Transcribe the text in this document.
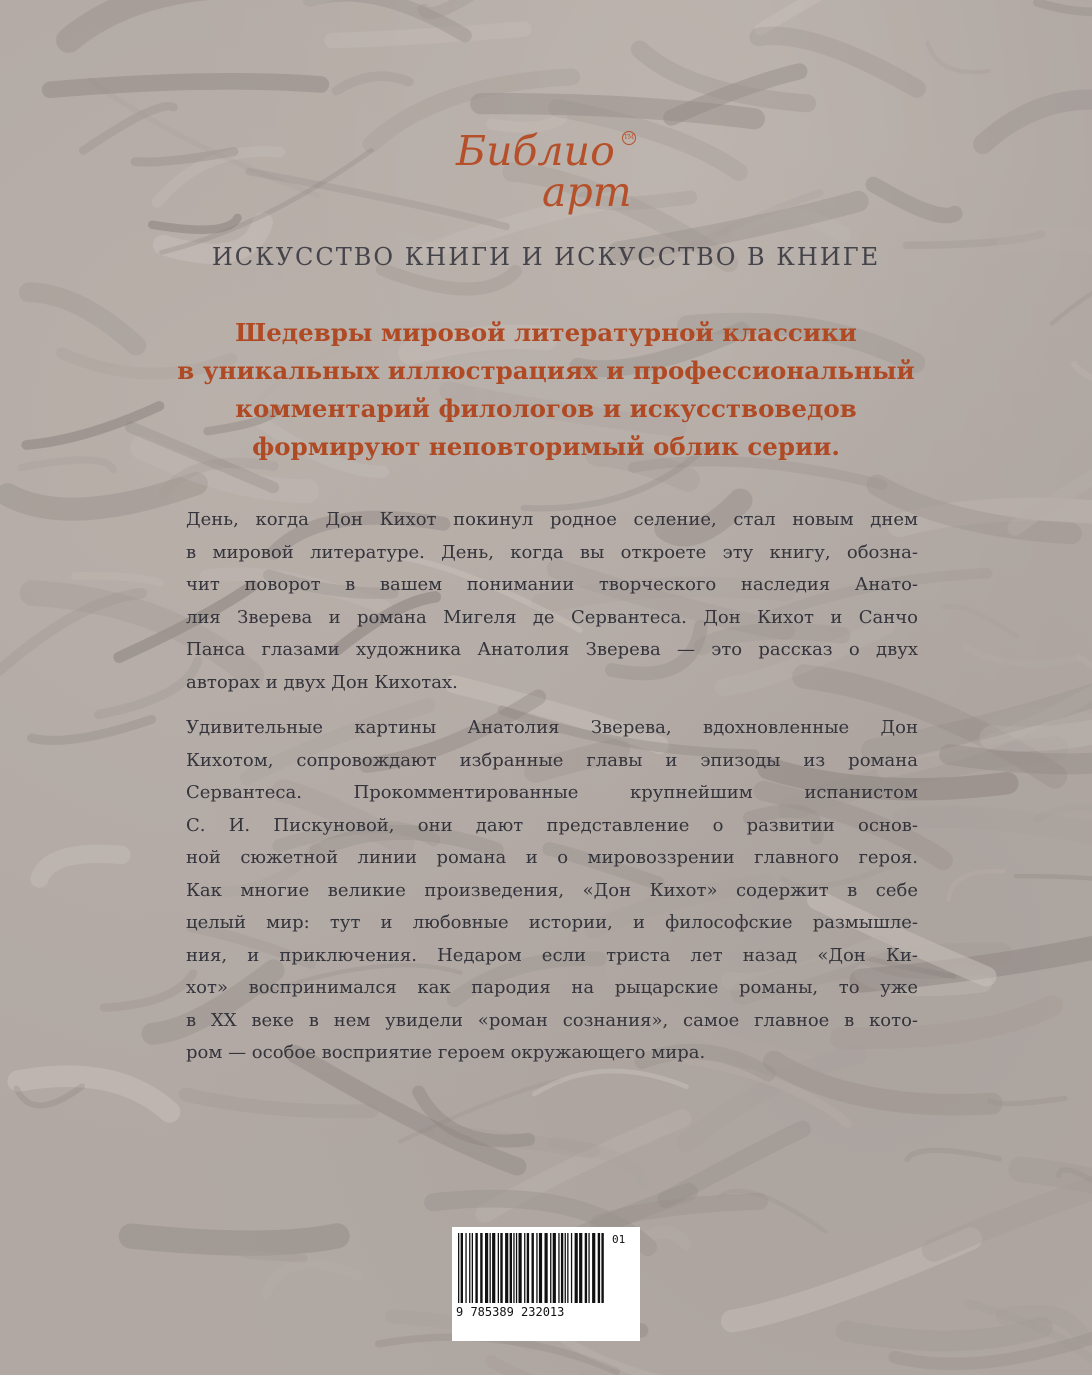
Библио	TM
арт
ИСКУССТВО КНИГИ И ИСКУССТВО В КНИГЕ
Шедевры мировой литературной классики
в уникальных иллюстрациях и профессиональный
комментарий филологов и искусствоведов
формируют неповторимый облик серии.
День, когда Дон Кихот покинул родное селение, стал новым днем
в мировой литературе. День, когда вы откроете эту книгу, обозна-
чит поворот в вашем понимании творческого наследия Анато-
лия Зверева и романа Мигеля де Сервантеса. Дон Кихот и Санчо
Панса глазами художника Анатолия Зверева — это рассказ о двух
авторах и двух Дон Кихотах.
Удивительные картины Анатолия Зверева, вдохновленные Дон
Кихотом, сопровождают избранные главы и эпизоды из романа
Сервантеса. Прокомментированные крупнейшим испанистом
С. И. Пискуновой, они дают представление о развитии основ-
ной сюжетной линии романа и о мировоззрении главного героя.
Как многие великие произведения, «Дон Кихот» содержит в себе
целый мир: тут и любовные истории, и философские размышле-
ния, и приключения. Недаром если триста лет назад «Дон Ки-
хот» воспринимался как пародия на рыцарские романы, то уже
в XX веке в нем увидели «роман сознания», самое главное в кото-
ром — особое восприятие героем окружающего мира.
01
9 785389 232013
